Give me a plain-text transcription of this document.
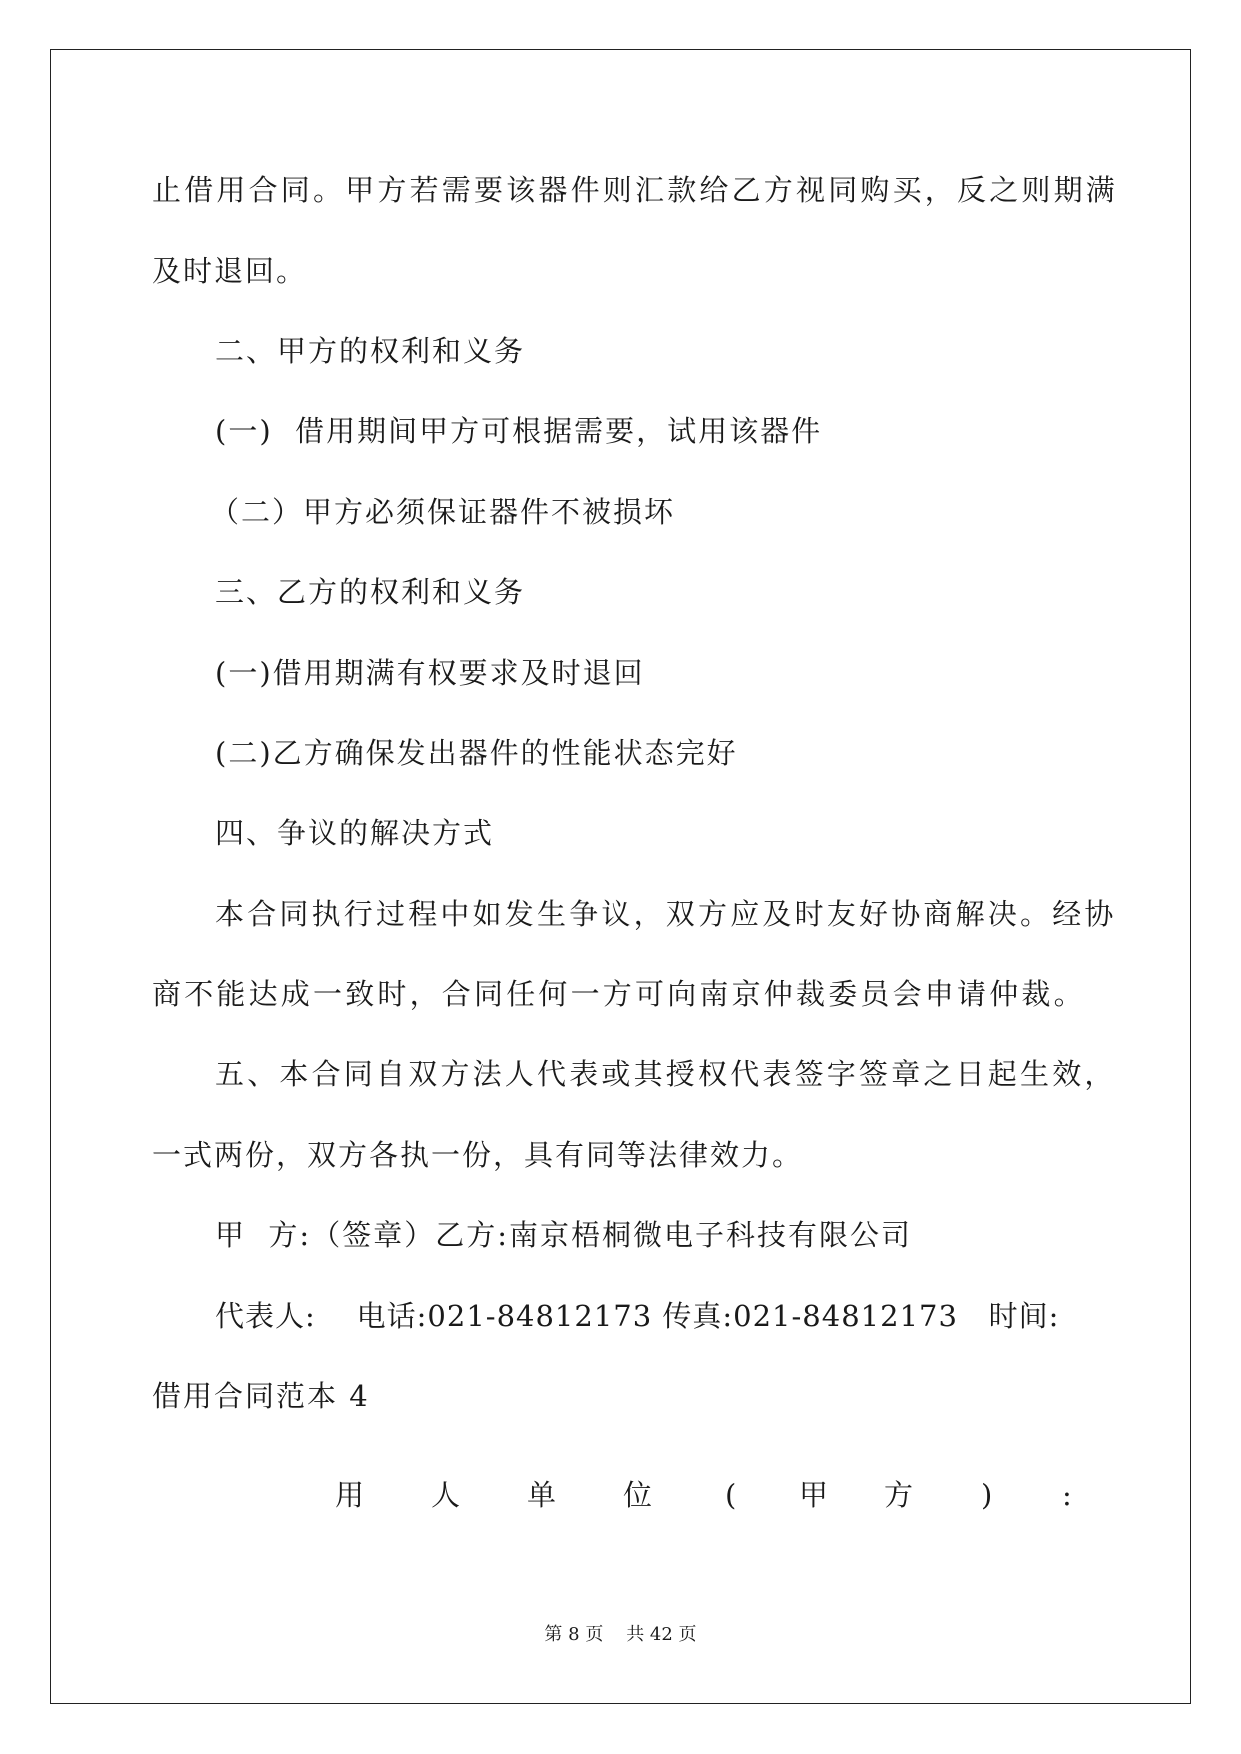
止借用合同。甲方若需要该器件则汇款给乙方视同购买，反之则期满
及时退回。
二、甲方的权利和义务
(一)  借用期间甲方可根据需要，试用该器件
（二）甲方必须保证器件不被损坏
三、乙方的权利和义务
(一)借用期满有权要求及时退回
(二)乙方确保发出器件的性能状态完好
四、争议的解决方式
本合同执行过程中如发生争议，双方应及时友好协商解决。经协
商不能达成一致时，合同任何一方可向南京仲裁委员会申请仲裁。
五、本合同自双方法人代表或其授权代表签字签章之日起生效，
一式两份，双方各执一份，具有同等法律效力。
甲  方:（签章）乙方:南京梧桐微电子科技有限公司
代表人:    电话:021-84812173 传真:021-84812173   时间:
借用合同范本 4
用 人 单 位	( 甲 方 ) :
第 8 页    共 42 页
